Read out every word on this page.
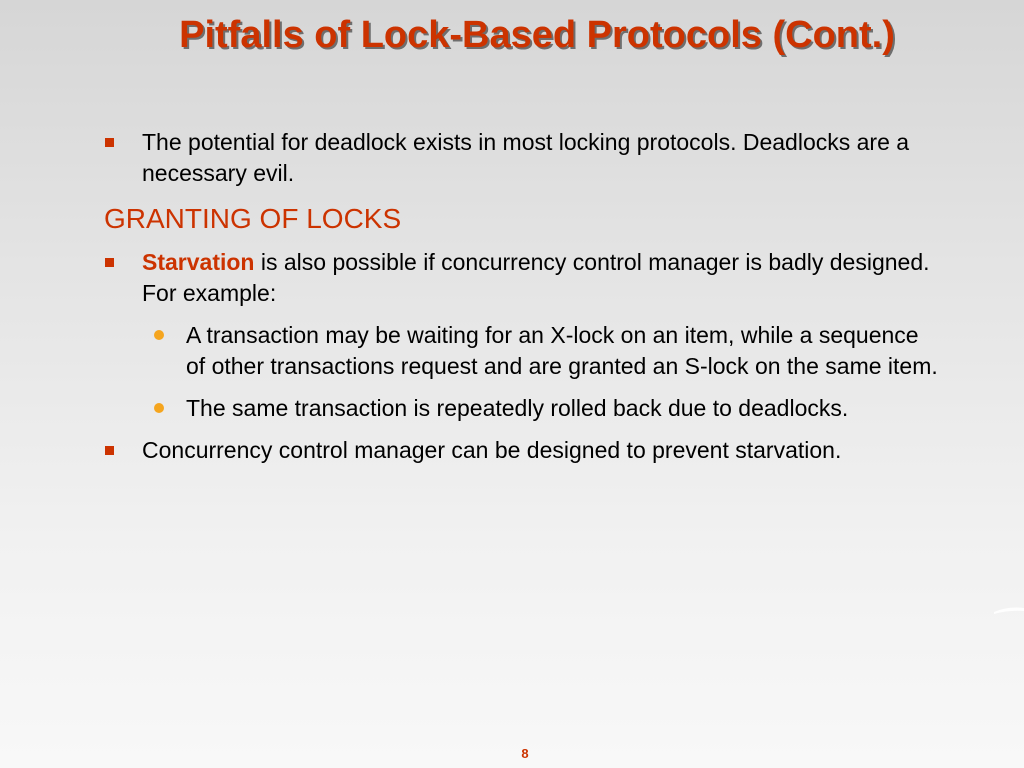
Pitfalls of Lock-Based Protocols (Cont.)
The potential for deadlock exists in most locking protocols. Deadlocks are a necessary evil.
GRANTING OF LOCKS
Starvation is also possible if concurrency control manager is badly designed. For example:
A transaction may be waiting for an X-lock on an item, while a sequence of other transactions request and are granted an S-lock on the same item.
The same transaction is repeatedly rolled back due to deadlocks.
Concurrency control manager can be designed to prevent starvation.
8
